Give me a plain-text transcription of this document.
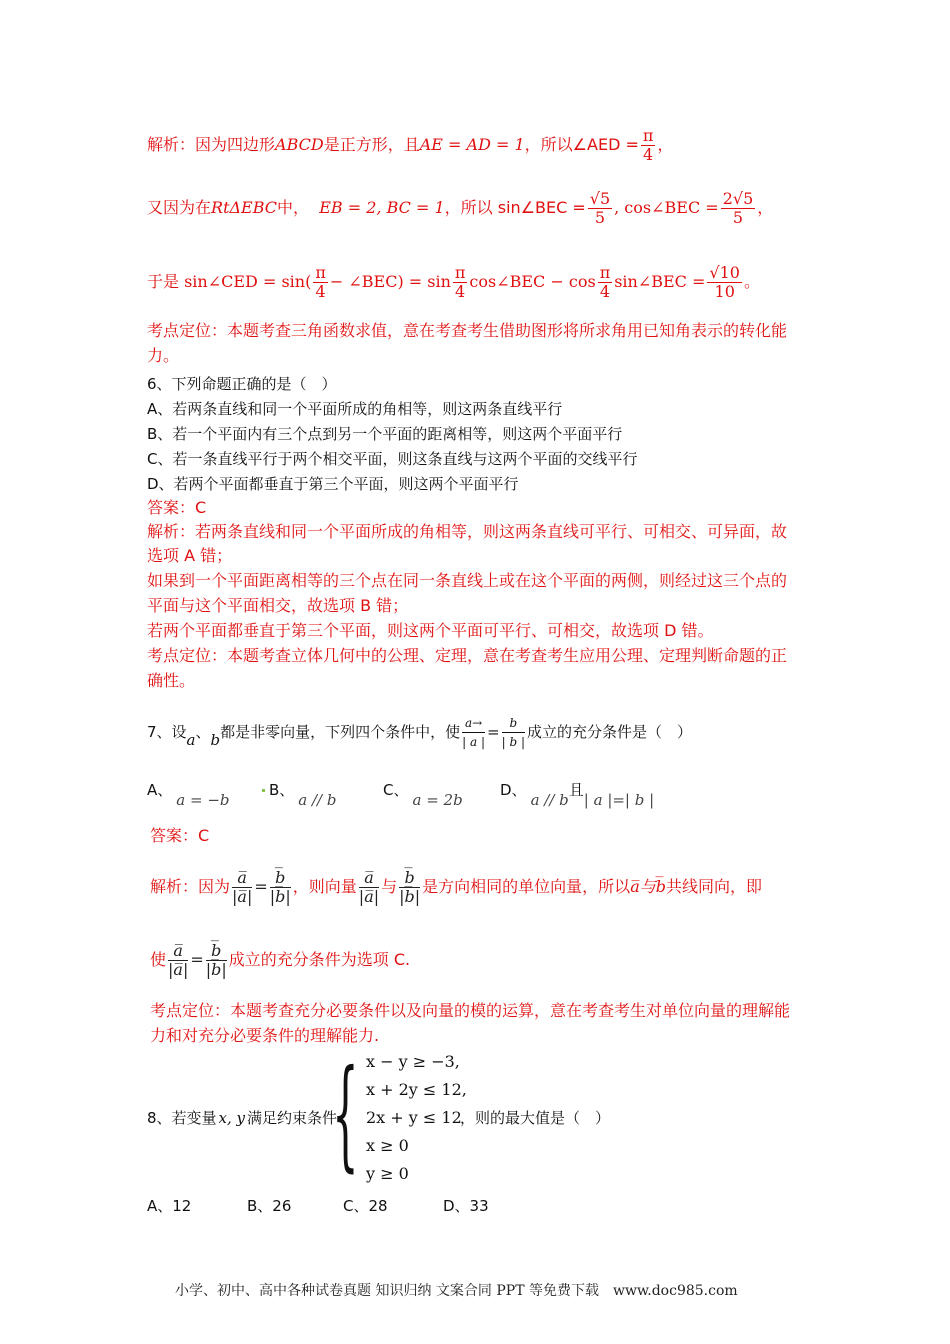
解析：因为四边形ABCD是正方形，且AE = AD = 1，所以∠AED = $\frac{\pi}{4}$ ，
又因为在RtΔEBC中， EB = 2, BC = 1，所以 sin∠BEC = $\frac{√5}{5}$ , cos∠BEC = $\frac{2√5}{5}$ ，
于是 sin∠CED = $\sin( \frac{\pi}{4}$ − ∠BEC) = $\sin \frac{\pi}{4}$ cos∠BEC − $\cos \frac{\pi}{4}$ sin∠BEC = $\frac{√10}{10}$ 。
考点定位：本题考查三角函数求值，意在考查考生借助图形将所求角用已知角表示的转化能
力。
6、下列命题正确的是（　）
A、若两条直线和同一个平面所成的角相等，则这两条直线平行
B、若一个平面内有三个点到另一个平面的距离相等，则这两个平面平行
C、若一条直线平行于两个相交平面，则这条直线与这两个平面的交线平行
D、若两个平面都垂直于第三个平面，则这两个平面平行
答案：C
解析：若两条直线和同一个平面所成的角相等，则这两条直线可平行、可相交、可异面，故
选项 A 错；
如果到一个平面距离相等的三个点在同一条直线上或在这个平面的两侧，则经过这三个点的
平面与这个平面相交，故选项 B 错；
若两个平面都垂直于第三个平面，则这两个平面可平行、可相交，故选项 D 错。
考点定位：本题考查立体几何中的公理、定理，意在考查考生应用公理、定理判断命题的正
确性。
7、设a、b都是非零向量，下列四个条件中，使 $\frac{a\to}{| a |} = \frac{b}{| b |}$ 成立的充分条件是（　）
A、a = −b
B、a // b
C、a = 2b
D、a // b且| a |=| b |
答案：C
解析：因为 $\frac{a̅}{|a̅|} = \frac{b̅}{|b̅|}$ ，则向量 $\frac{a̅}{|a̅|}$ 与 $\frac{b̅}{|b̅|}$ 是方向相同的单位向量，所以a̅与b̅共线同向，即
使 $\frac{a̅}{|a̅|} = \frac{b̅}{|b̅|}$ 成立的充分条件为选项 C.
考点定位：本题考查充分必要条件以及向量的模的运算，意在考查考生对单位向量的理解能
力和对充分必要条件的理解能力.
{ x − y ≥ −3,
x + 2y ≤ 12,
2x + y ≤ 12
x ≥ 0
y ≥ 0
8、若变量 x, y 满足约束条件	，则的最大值是（　）
A、12	B、26	C、28	D、33
小学、初中、高中各种试卷真题 知识归纳 文案合同 PPT 等免费下载　www.doc985.com
